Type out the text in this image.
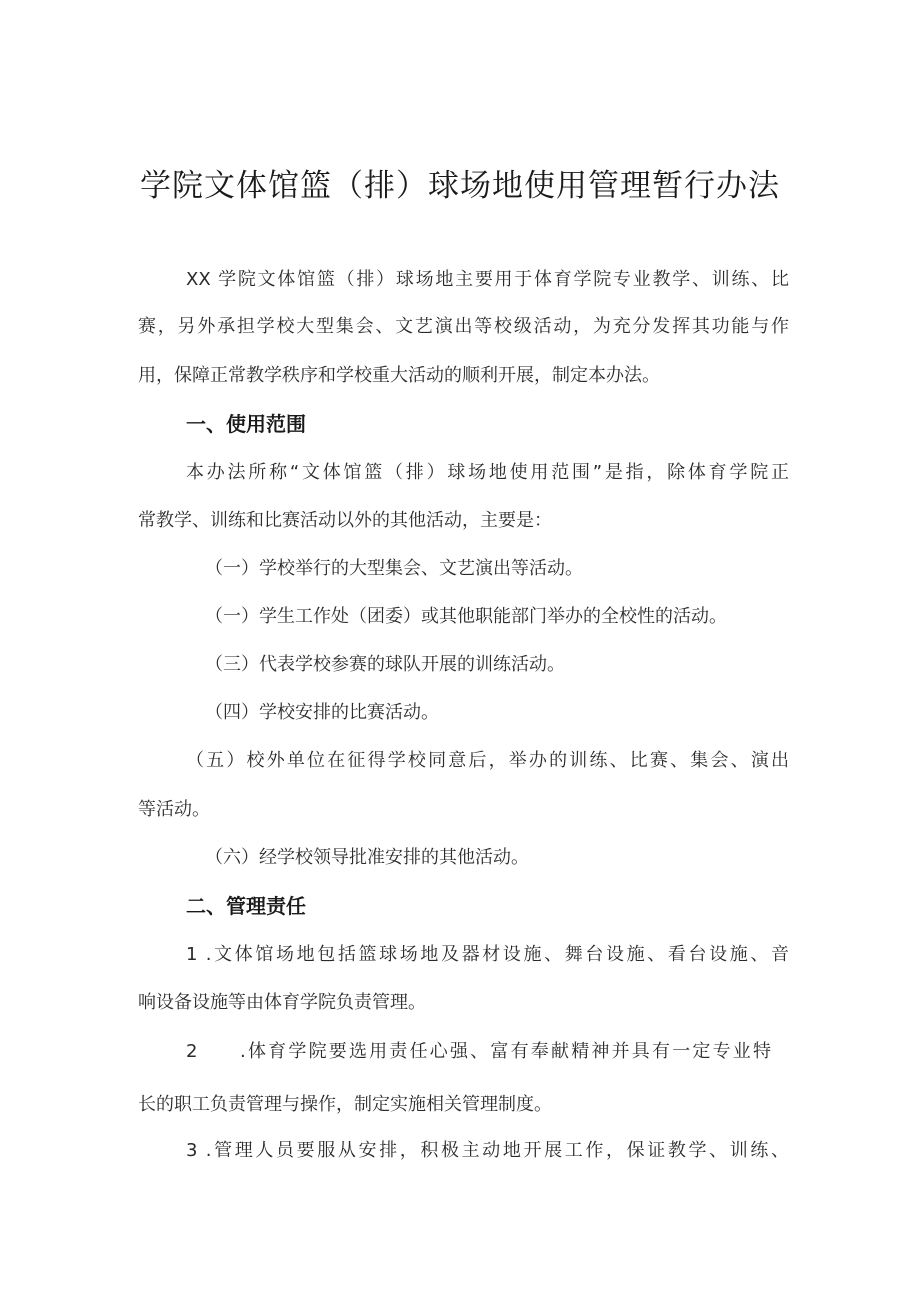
学院文体馆篮（排）球场地使用管理暂行办法
XX 学院文体馆篮（排）球场地主要用于体育学院专业教学、训练、比
赛，另外承担学校大型集会、文艺演出等校级活动，为充分发挥其功能与作
用，保障正常教学秩序和学校重大活动的顺利开展，制定本办法。
一、使用范围
本办法所称“文体馆篮（排）球场地使用范围”是指，除体育学院正
常教学、训练和比赛活动以外的其他活动，主要是：
（一）学校举行的大型集会、文艺演出等活动。
（一）学生工作处（团委）或其他职能部门举办的全校性的活动。
（三）代表学校参赛的球队开展的训练活动。
（四）学校安排的比赛活动。
（五）校外单位在征得学校同意后，举办的训练、比赛、集会、演出
等活动。
（六）经学校领导批准安排的其他活动。
二、管理责任
1 .文体馆场地包括篮球场地及器材设施、舞台设施、看台设施、音
响设备设施等由体育学院负责管理。
2　　.体育学院要选用责任心强、富有奉献精神并具有一定专业特
长的职工负责管理与操作，制定实施相关管理制度。
3 .管理人员要服从安排，积极主动地开展工作，保证教学、训练、
